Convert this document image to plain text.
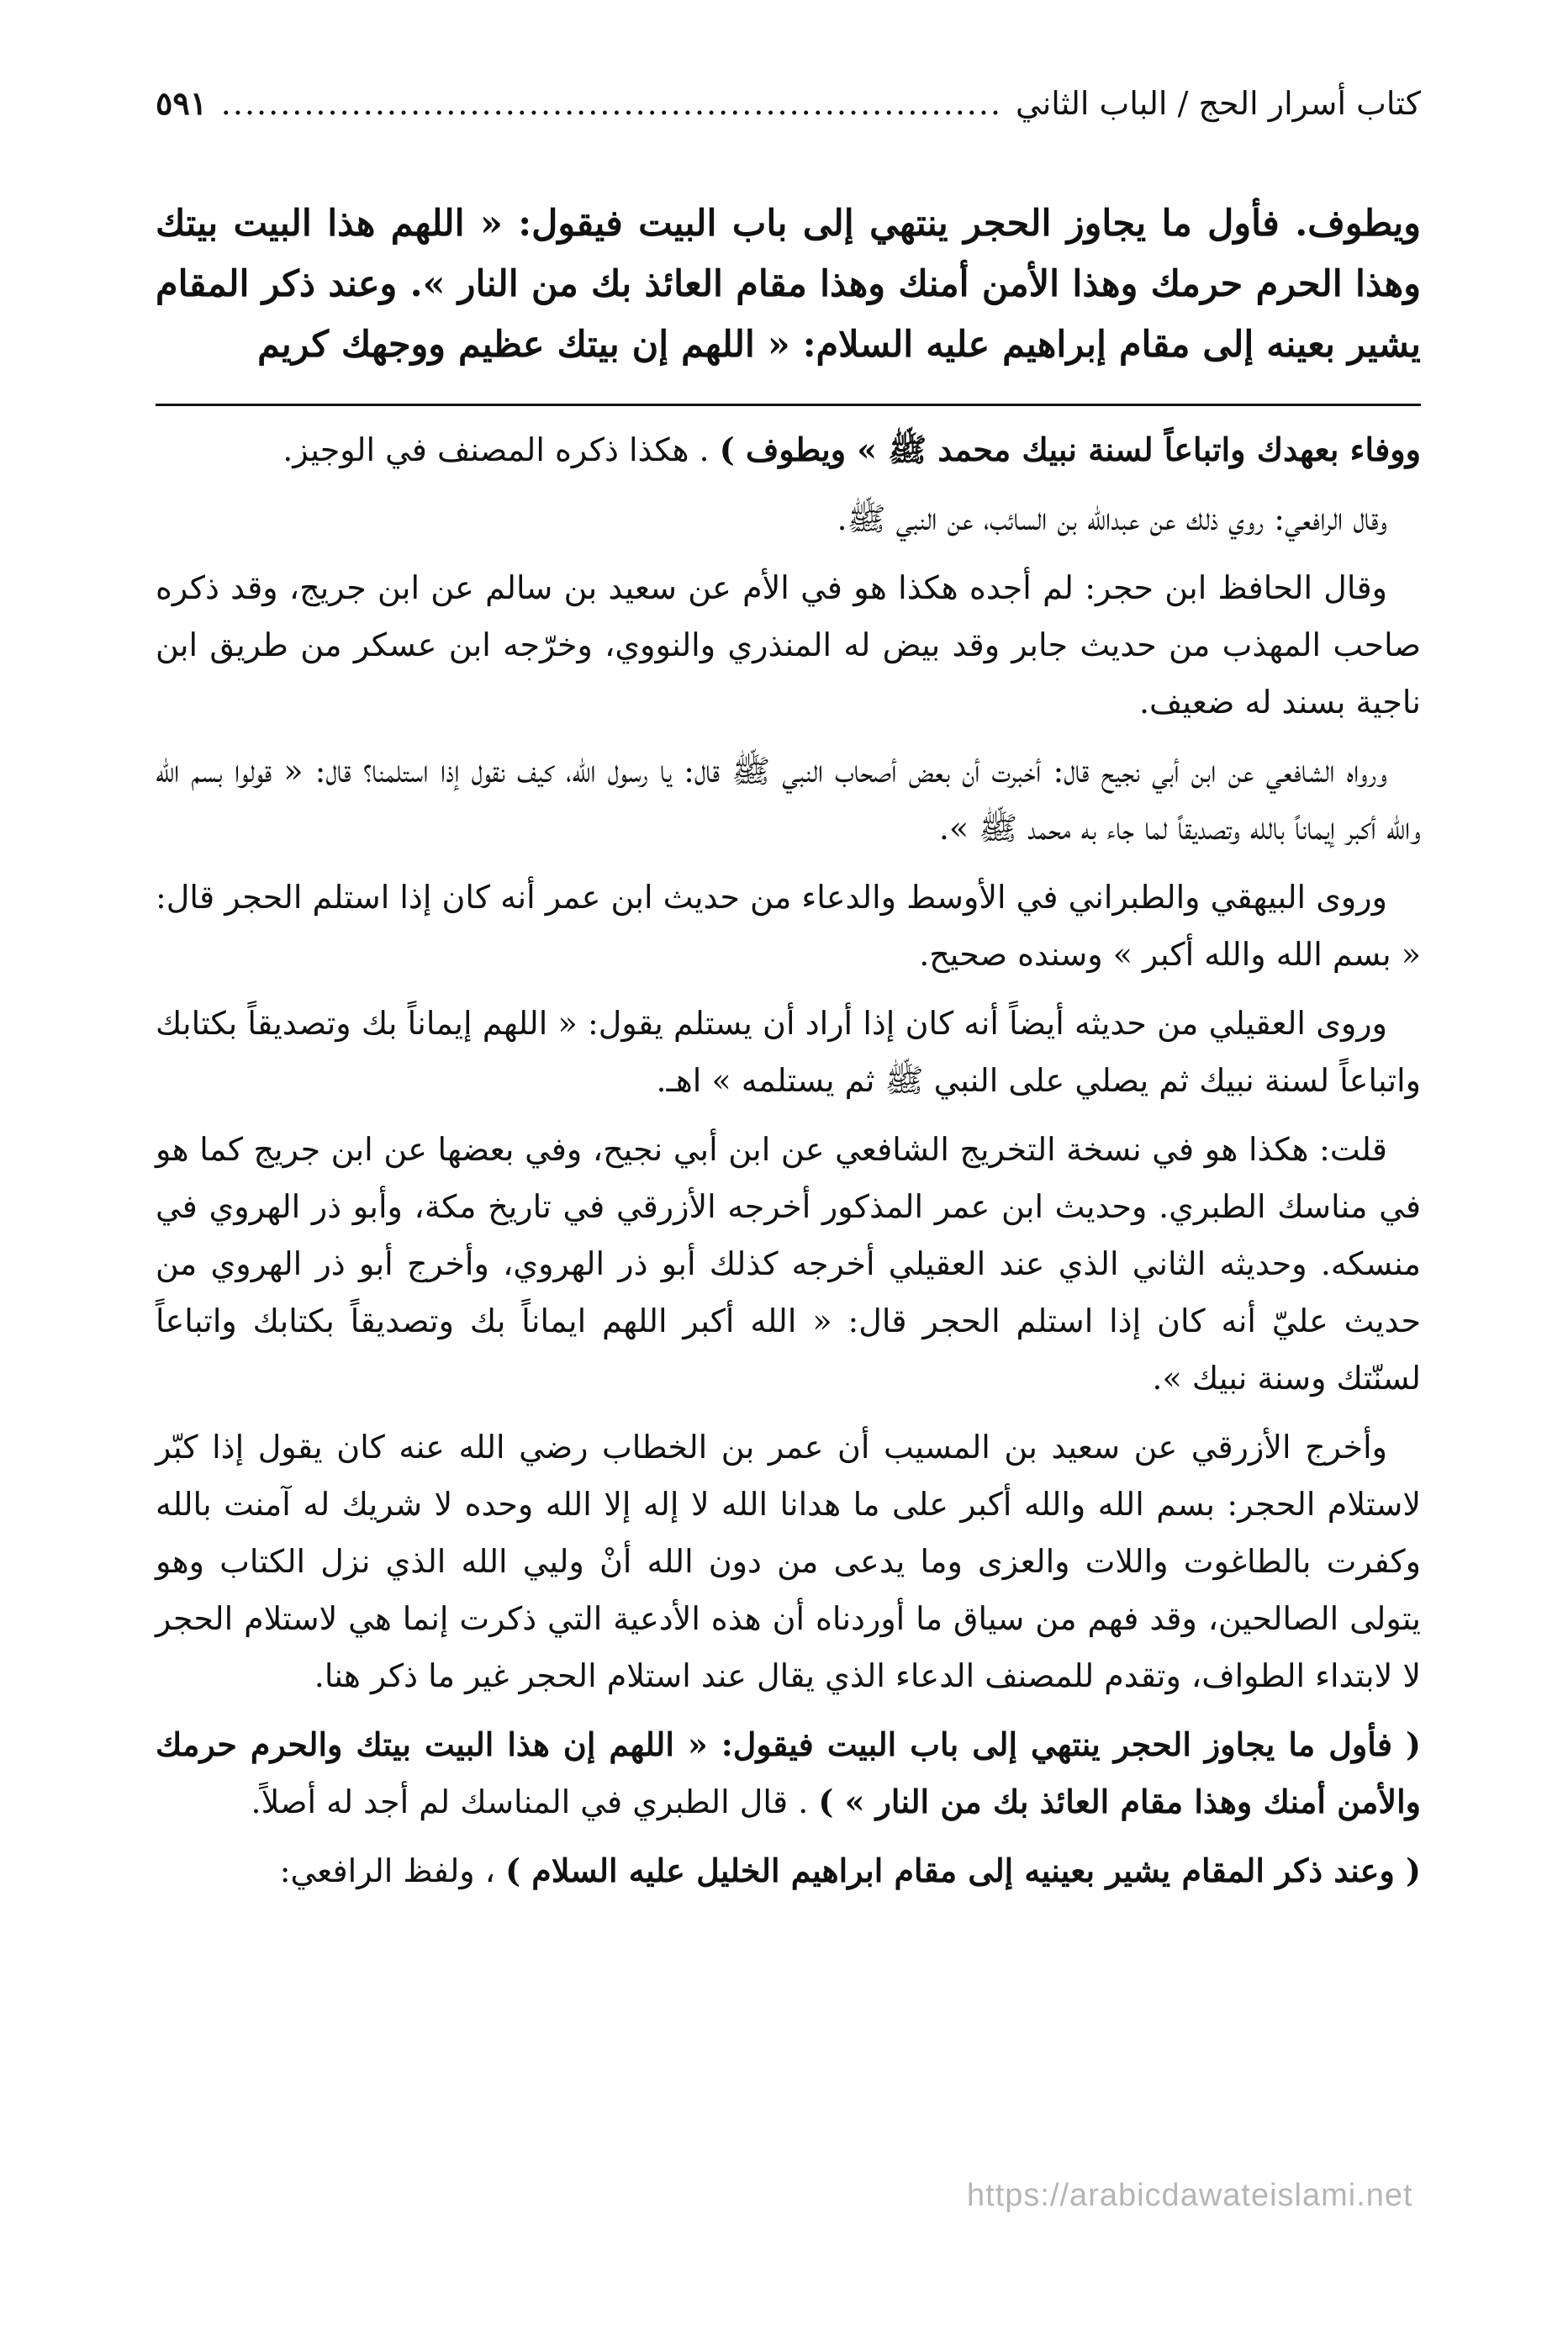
كتاب أسرار الحج / الباب الثاني
.....
٥٩١

ويطوف. فأول ما يجاوز الحجر ينتهي إلى باب البيت فيقول: « اللهم هذا البيت بيتك وهذا الحرم حرمك وهذا الأمن أمنك وهذا مقام العائذ بك من النار ». وعند ذكر المقام يشير بعينه إلى مقام إبراهيم عليه السلام: « اللهم إن بيتك عظيم ووجهك كريم

ووفاء بعهدك واتباعاً لسنة نبيك محمد ﷺ » ويطوف ) . هكذا ذكره المصنف في الوجيز.

وقال الرافعي: روي ذلك عن عبدالله بن السائب، عن النبي ﷺ.

وقال الحافظ ابن حجر: لم أجده هكذا هو في الأم عن سعيد بن سالم عن ابن جريج، وقد ذكره صاحب المهذب من حديث جابر وقد بيض له المنذري والنووي، وخرّجه ابن عسكر من طريق ابن ناجية بسند له ضعيف.

ورواه الشافعي عن ابن أبي نجيح قال: أخبرت أن بعض أصحاب النبي ﷺ قال: يا رسول الله، كيف نقول إذا استلمنا؟ قال: « قولوا بسم الله والله أكبر إيماناً بالله وتصديقاً لما جاء به محمد ﷺ ».

وروى البيهقي والطبراني في الأوسط والدعاء من حديث ابن عمر أنه كان إذا استلم الحجر قال: « بسم الله والله أكبر » وسنده صحيح.

وروى العقيلي من حديثه أيضاً أنه كان إذا أراد أن يستلم يقول: « اللهم إيماناً بك وتصديقاً بكتابك واتباعاً لسنة نبيك ثم يصلي على النبي ﷺ ثم يستلمه » اهـ.

قلت: هكذا هو في نسخة التخريج الشافعي عن ابن أبي نجيح، وفي بعضها عن ابن جريج كما هو في مناسك الطبري. وحديث ابن عمر المذكور أخرجه الأزرقي في تاريخ مكة، وأبو ذر الهروي في منسكه. وحديثه الثاني الذي عند العقيلي أخرجه كذلك أبو ذر الهروي، وأخرج أبو ذر الهروي من حديث عليّ أنه كان إذا استلم الحجر قال: « الله أكبر اللهم ايماناً بك وتصديقاً بكتابك واتباعاً لسنّتك وسنة نبيك ».

وأخرج الأزرقي عن سعيد بن المسيب أن عمر بن الخطاب رضي الله عنه كان يقول إذا كبّر لاستلام الحجر: بسم الله والله أكبر على ما هدانا الله لا إله إلا الله وحده لا شريك له آمنت بالله وكفرت بالطاغوت واللات والعزى وما يدعى من دون الله أنْ وليي الله الذي نزل الكتاب وهو يتولى الصالحين، وقد فهم من سياق ما أوردناه أن هذه الأدعية التي ذكرت إنما هي لاستلام الحجر لا لابتداء الطواف، وتقدم للمصنف الدعاء الذي يقال عند استلام الحجر غير ما ذكر هنا.

( فأول ما يجاوز الحجر ينتهي إلى باب البيت فيقول: « اللهم إن هذا البيت بيتك والحرم حرمك والأمن أمنك وهذا مقام العائذ بك من النار » ) . قال الطبري في المناسك لم أجد له أصلاً.

( وعند ذكر المقام يشير بعينيه إلى مقام ابراهيم الخليل عليه السلام ) ، ولفظ الرافعي:

https://arabicdawateislami.net
